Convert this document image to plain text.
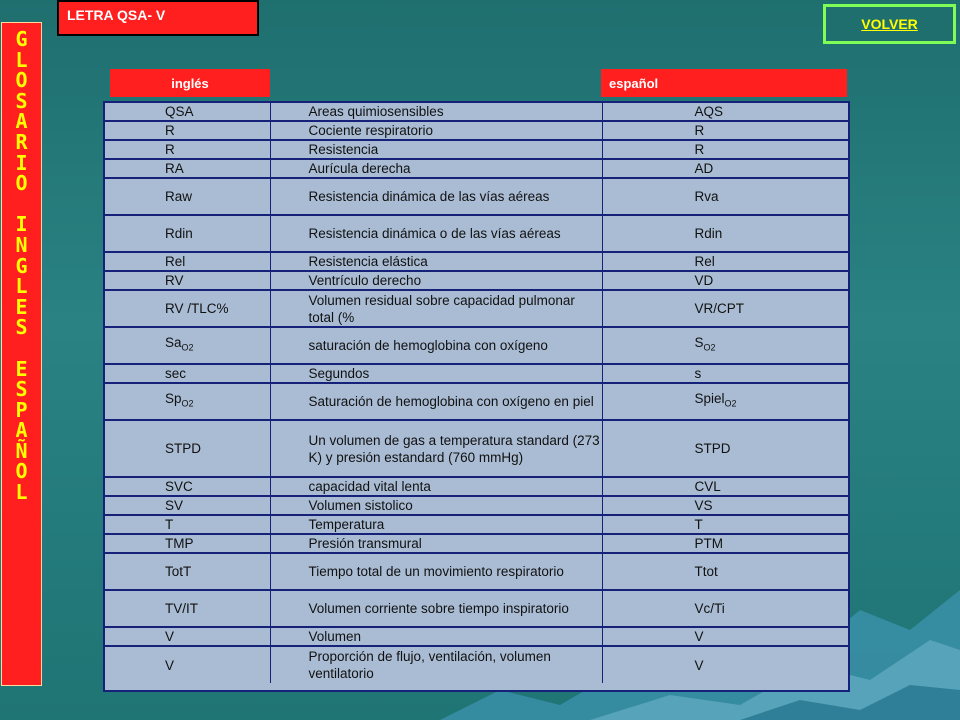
G
L
O
S
A
R
I
O

I
N
G
L
E
S

E
S
P
A
Ñ
O
L
LETRA QSA- V
VOLVER
inglés	español
QSA	Areas quimiosensibles	AQS
R	Cociente respiratorio	R
R	Resistencia	R
RA	Aurícula derecha	AD
Raw	Resistencia dinámica de las vías aéreas	Rva
Rdin	Resistencia dinámica o de las vías aéreas	Rdin
Rel	Resistencia elástica	Rel
RV	Ventrículo derecho	VD
RV /TLC%	Volumen residual sobre capacidad pulmonar total (%	VR/CPT
$Sa_{O2}$	saturación de hemoglobina con oxígeno	$S_{O2}$
sec	Segundos	s
$Sp_{O2}$	Saturación de hemoglobina con oxígeno en piel	Spiel$_{O2}$
STPD	Un volumen de gas a temperatura standard (273 K) y presión estandard (760 mmHg)	STPD
SVC	capacidad vital lenta	CVL
SV	Volumen sistolico	VS
T	Temperatura	T
TMP	Presión transmural	PTM
TotT	Tiempo total de un movimiento respiratorio	Ttot
TV/IT	Volumen corriente sobre tiempo inspiratorio	Vc/Ti
V	Volumen	V
V	Proporción de flujo, ventilación, volumen ventilatorio	V
